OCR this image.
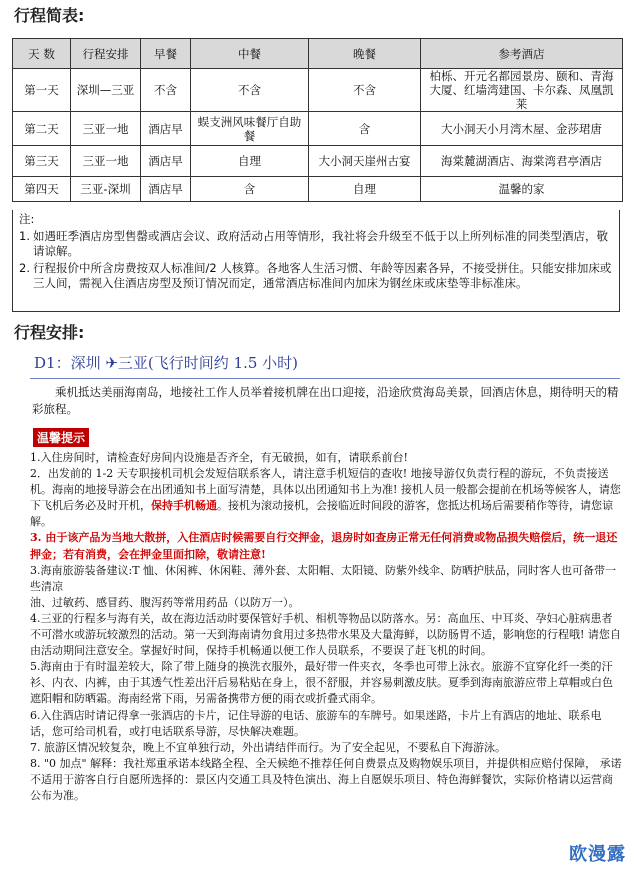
行程简表:
天 数	行程安排	早餐	中餐	晚餐	参考酒店
第一天	深圳—三亚	不含	不含	不含	柏栎、开元名都园景房、颐和、青海大厦、红墙湾建国、卡尔森、凤凰凯莱
第二天	三亚一地	酒店早	蜈支洲风味餐厅自助餐	含	大小洞天小月湾木屋、金莎珺唐
第三天	三亚一地	酒店早	自理	大小洞天崖州古宴	海棠麓湖酒店、海棠湾君亭酒店
第四天	三亚-深圳	酒店早	含	自理	温馨的家
注:
1. 如遇旺季酒店房型售罄或酒店会议、政府活动占用等情形，我社将会升级至不低于以上所列标准的同类型酒店，敬请谅解。
2. 行程报价中所含房费按双人标准间/2 人核算。各地客人生活习惯、年龄等因素各异，不接受拼住。只能安排加床或三人间，需视入住酒店房型及预订情况而定，通常酒店标准间内加床为钢丝床或床垫等非标准床。
行程安排:
D1：深圳 ✈三亚(飞行时间约 1.5 小时)
乘机抵达美丽海南岛，地接社工作人员举着接机牌在出口迎接，沿途欣赏海岛美景，回酒店休息，期待明天的精彩旅程。
温馨提示

1.入住房间时，请检查好房间内设施是否齐全，有无破损，如有，请联系前台!

2．出发前的 1-2 天专职接机司机会发短信联系客人，请注意手机短信的查收! 地接导游仅负责行程的游玩，不负责接送机。海南的地接导游会在出团通知书上面写清楚，具体以出团通知书上为准! 接机人员一般都会提前在机场等候客人，请您下飞机后务必及时开机，保持手机畅通。接机为滚动接机，会接临近时间段的游客，您抵达机场后需要稍作等待，请您谅解。

3. 由于该产品为当地大散拼，入住酒店时候需要自行交押金，退房时如查房正常无任何消费或物品损失赔偿后，统一退还押金；若有消费，会在押金里面扣除，敬请注意!

3.海南旅游装备建议:T 恤、休闲裤、休闲鞋、薄外套、太阳帽、太阳镜、防紫外线伞、防晒护肤品，同时客人也可备带一些清凉

油、过敏药、感冒药、腹泻药等常用药品（以防万一）。

4.三亚的行程多与海有关，故在海边活动时要保管好手机、相机等物品以防落水。另：高血压、中耳炎、孕妇心脏病患者不可潜水或游玩较激烈的活动。第一天到海南请勿食用过多热带水果及大量海鲜，以防肠胃不适，影响您的行程哦! 请您自由活动期间注意安全。掌握好时间，保持手机畅通以便工作人员联系，不要误了赶飞机的时间。

5.海南由于有时温差较大，除了带上随身的换洗衣服外，最好带一件夹衣，冬季也可带上泳衣。旅游不宜穿化纤一类的汗衫、内衣、内裤，由于其透气性差出汗后易粘贴在身上，很不舒服，并容易刺激皮肤。夏季到海南旅游应带上草帽或白色遮阳帽和防晒霜。海南经常下雨，另需备携带方便的雨衣或折叠式雨伞。

6.入住酒店时请记得拿一张酒店的卡片，记住导游的电话、旅游车的车牌号。如果迷路，卡片上有酒店的地址、联系电话，您可给司机看，或打电话联系导游，尽快解决难题。

7. 旅游区情况较复杂，晚上不宜单独行动，外出请结伴而行。为了安全起见，不要私自下海游泳。

8. "0 加点" 解释：我社郑重承诺本线路全程、全天候绝不推荐任何自费景点及购物娱乐项目，并提供相应赔付保障， 承诺不适用于游客自行自愿所选择的：景区内交通工具及特色演出、海上自愿娱乐项目、特色海鲜餐饮，实际价格请以运营商公布为准。

欧漫露
